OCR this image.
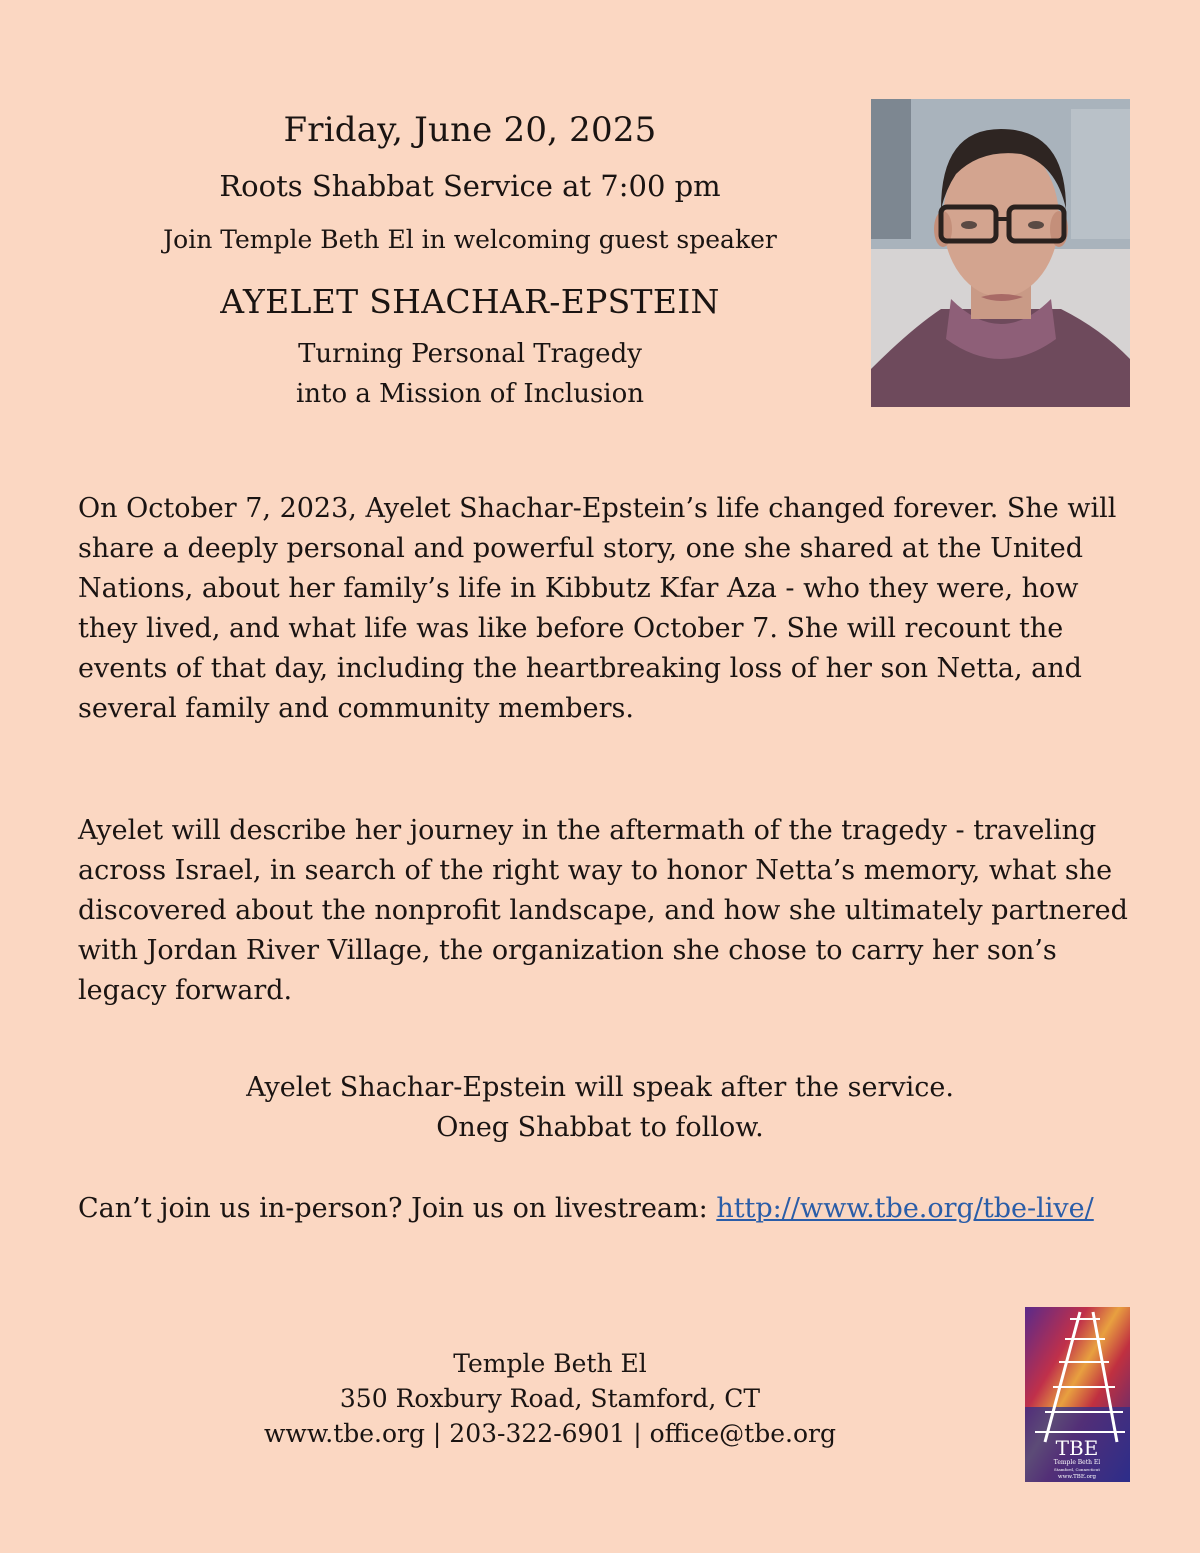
Friday, June 20, 2025
Roots Shabbat Service at 7:00 pm
Join Temple Beth El in welcoming guest speaker
AYELET SHACHAR-EPSTEIN
Turning Personal Tragedy
into a Mission of Inclusion

On October 7, 2023, Ayelet Shachar-Epstein’s life changed forever. She will share a deeply personal and powerful story, one she shared at the United Nations, about her family’s life in Kibbutz Kfar Aza - who they were, how they lived, and what life was like before October 7. She will recount the events of that day, including the heartbreaking loss of her son Netta, and several family and community members.

Ayelet will describe her journey in the aftermath of the tragedy - traveling across Israel, in search of the right way to honor Netta’s memory, what she discovered about the nonprofit landscape, and how she ultimately partnered with Jordan River Village, the organization she chose to carry her son’s legacy forward.

Ayelet Shachar-Epstein will speak after the service.
Oneg Shabbat to follow.
Can’t join us in-person? Join us on livestream: http://www.tbe.org/tbe-live/
Temple Beth El
350 Roxbury Road, Stamford, CT
www.tbe.org | 203-322-6901 | office@tbe.org	TBE
Temple Beth El
Stamford, Connecticut
www.TBE.org
